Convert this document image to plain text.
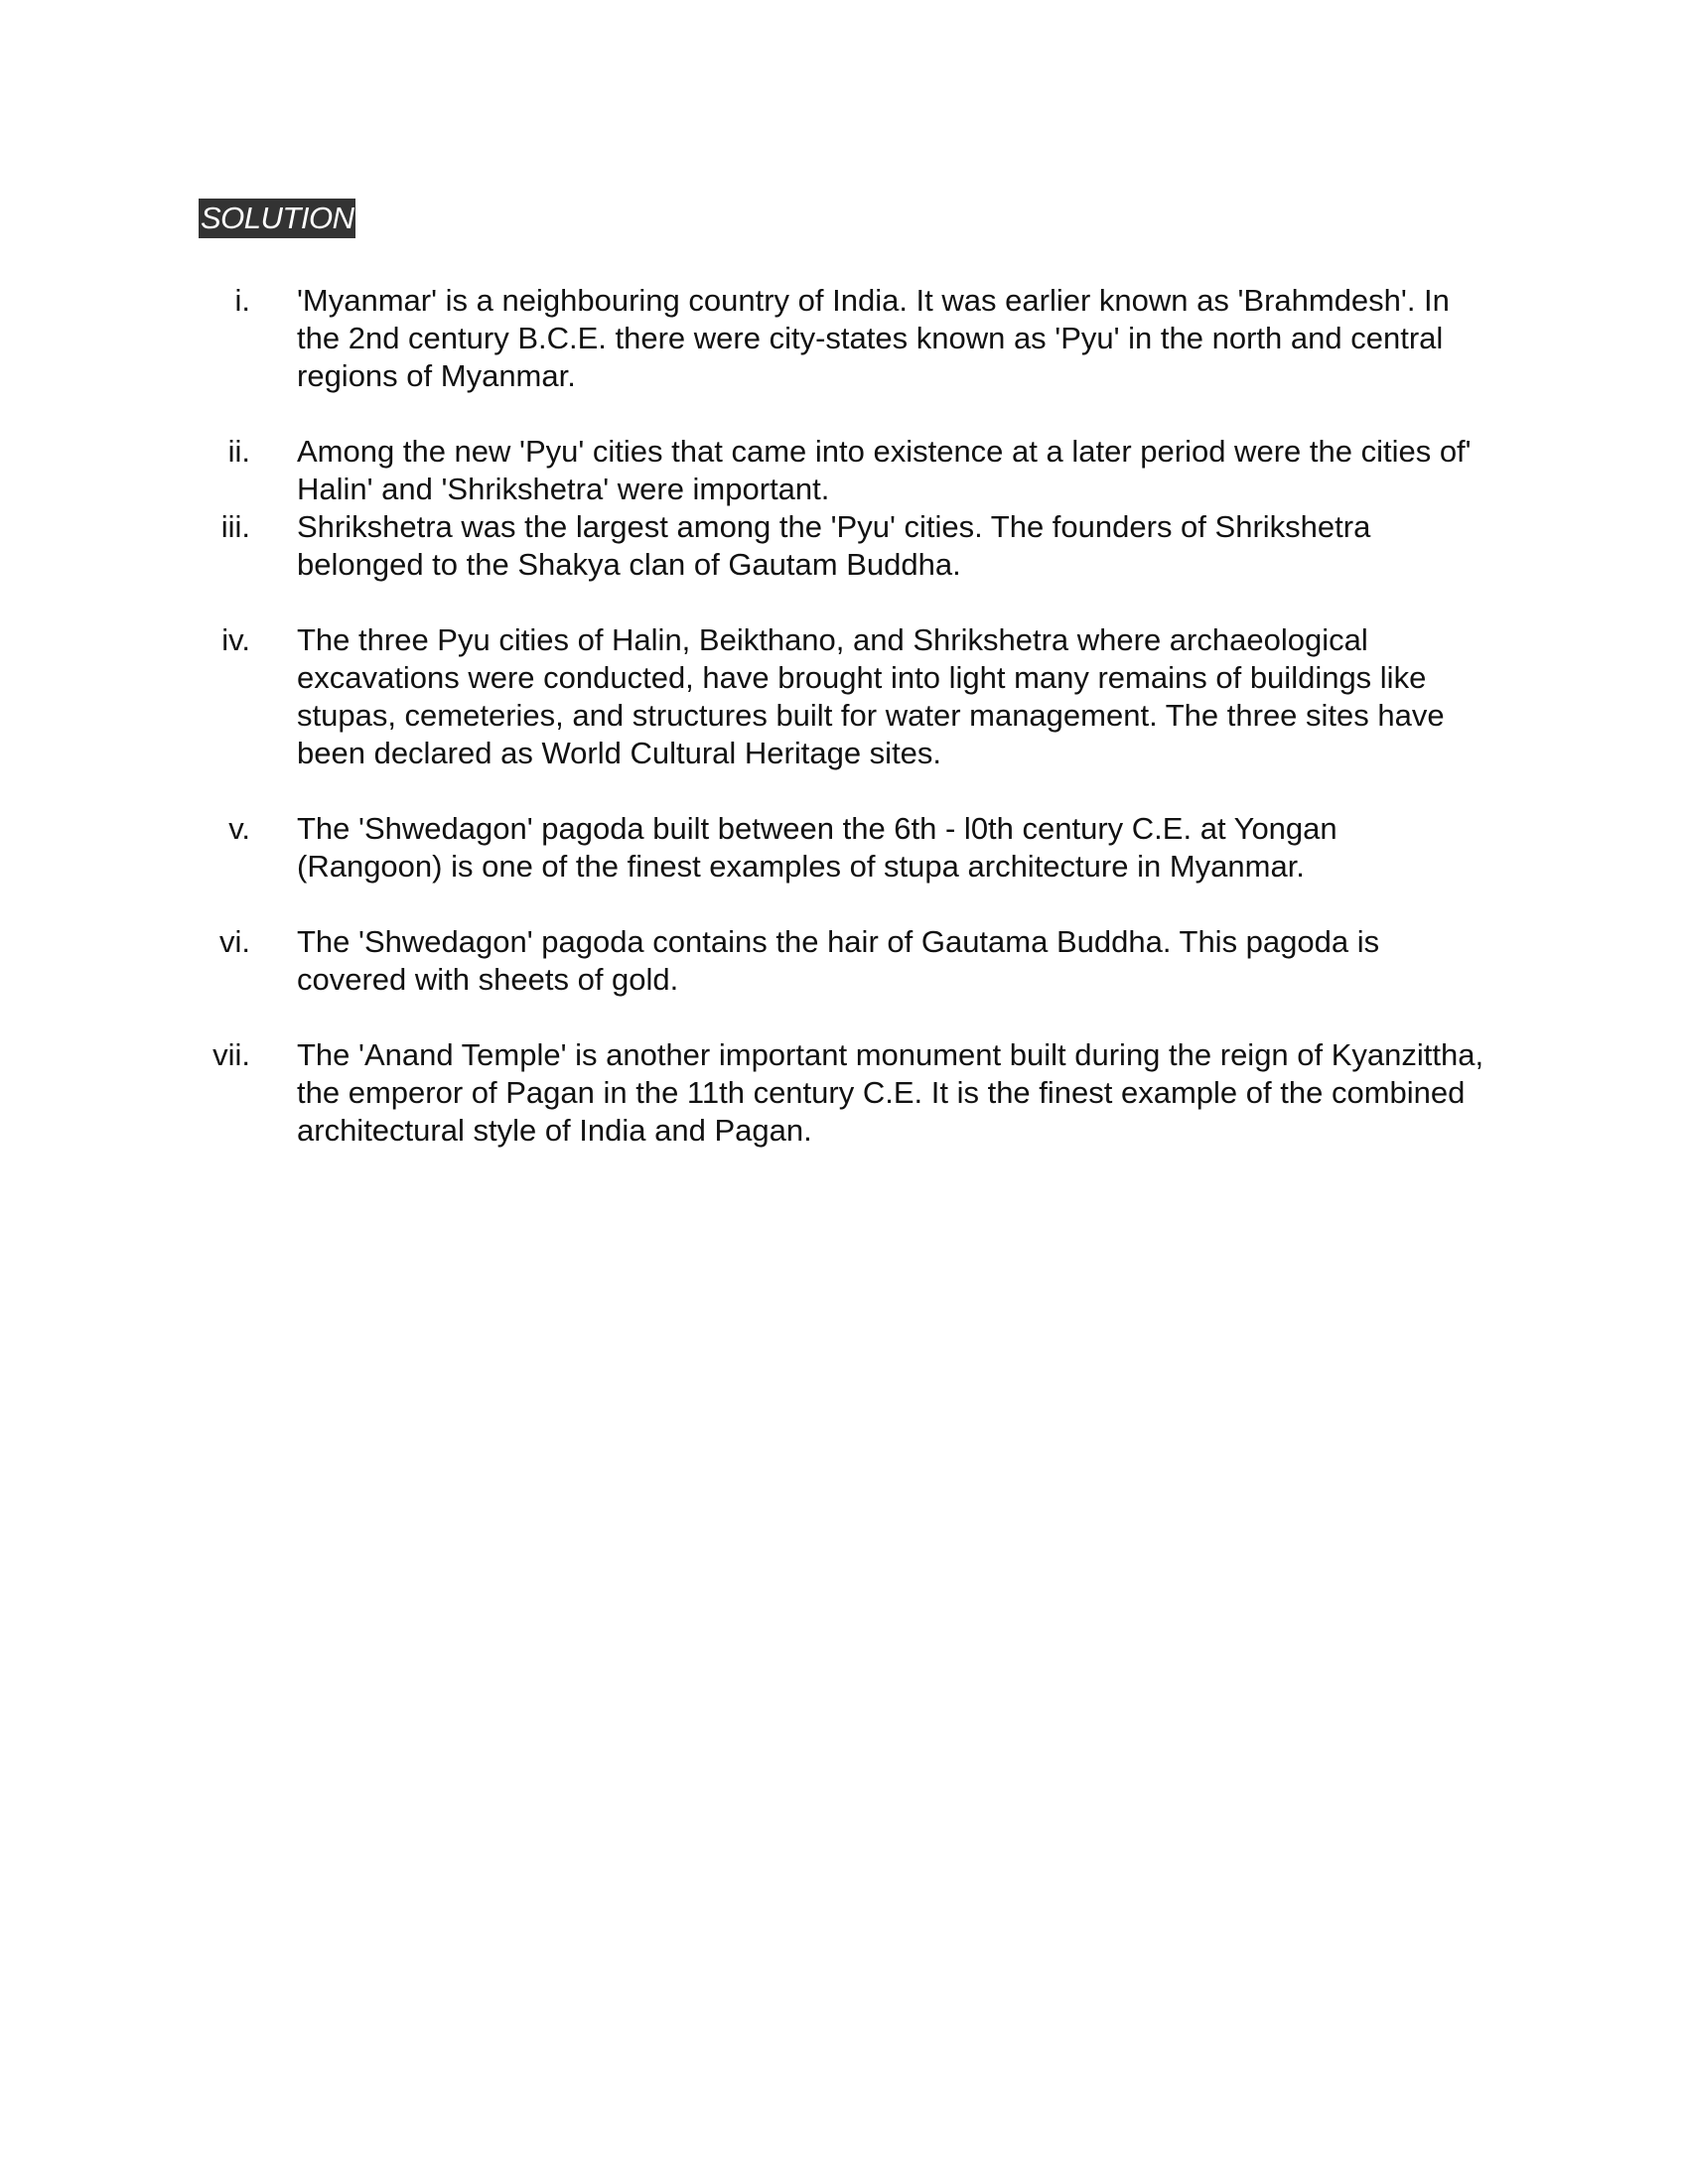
SOLUTION
i. 'Myanmar' is a neighbouring country of India. It was earlier known as 'Brahmdesh'. In the 2nd century B.C.E. there were city-states known as 'Pyu' in the north and central regions of Myanmar.
ii. Among the new 'Pyu' cities that came into existence at a later period were the cities of' Halin' and 'Shrikshetra' were important.
iii. Shrikshetra was the largest among the 'Pyu' cities. The founders of Shrikshetra belonged to the Shakya clan of Gautam Buddha.
iv. The three Pyu cities of Halin, Beikthano, and Shrikshetra where archaeological excavations were conducted, have brought into light many remains of buildings like stupas, cemeteries, and structures built for water management. The three sites have been declared as World Cultural Heritage sites.
v. The 'Shwedagon' pagoda built between the 6th - l0th century C.E. at Yongan (Rangoon) is one of the finest examples of stupa architecture in Myanmar.
vi. The 'Shwedagon' pagoda contains the hair of Gautama Buddha. This pagoda is covered with sheets of gold.
vii. The 'Anand Temple' is another important monument built during the reign of Kyanzittha, the emperor of Pagan in the 11th century C.E. It is the finest example of the combined architectural style of India and Pagan.
